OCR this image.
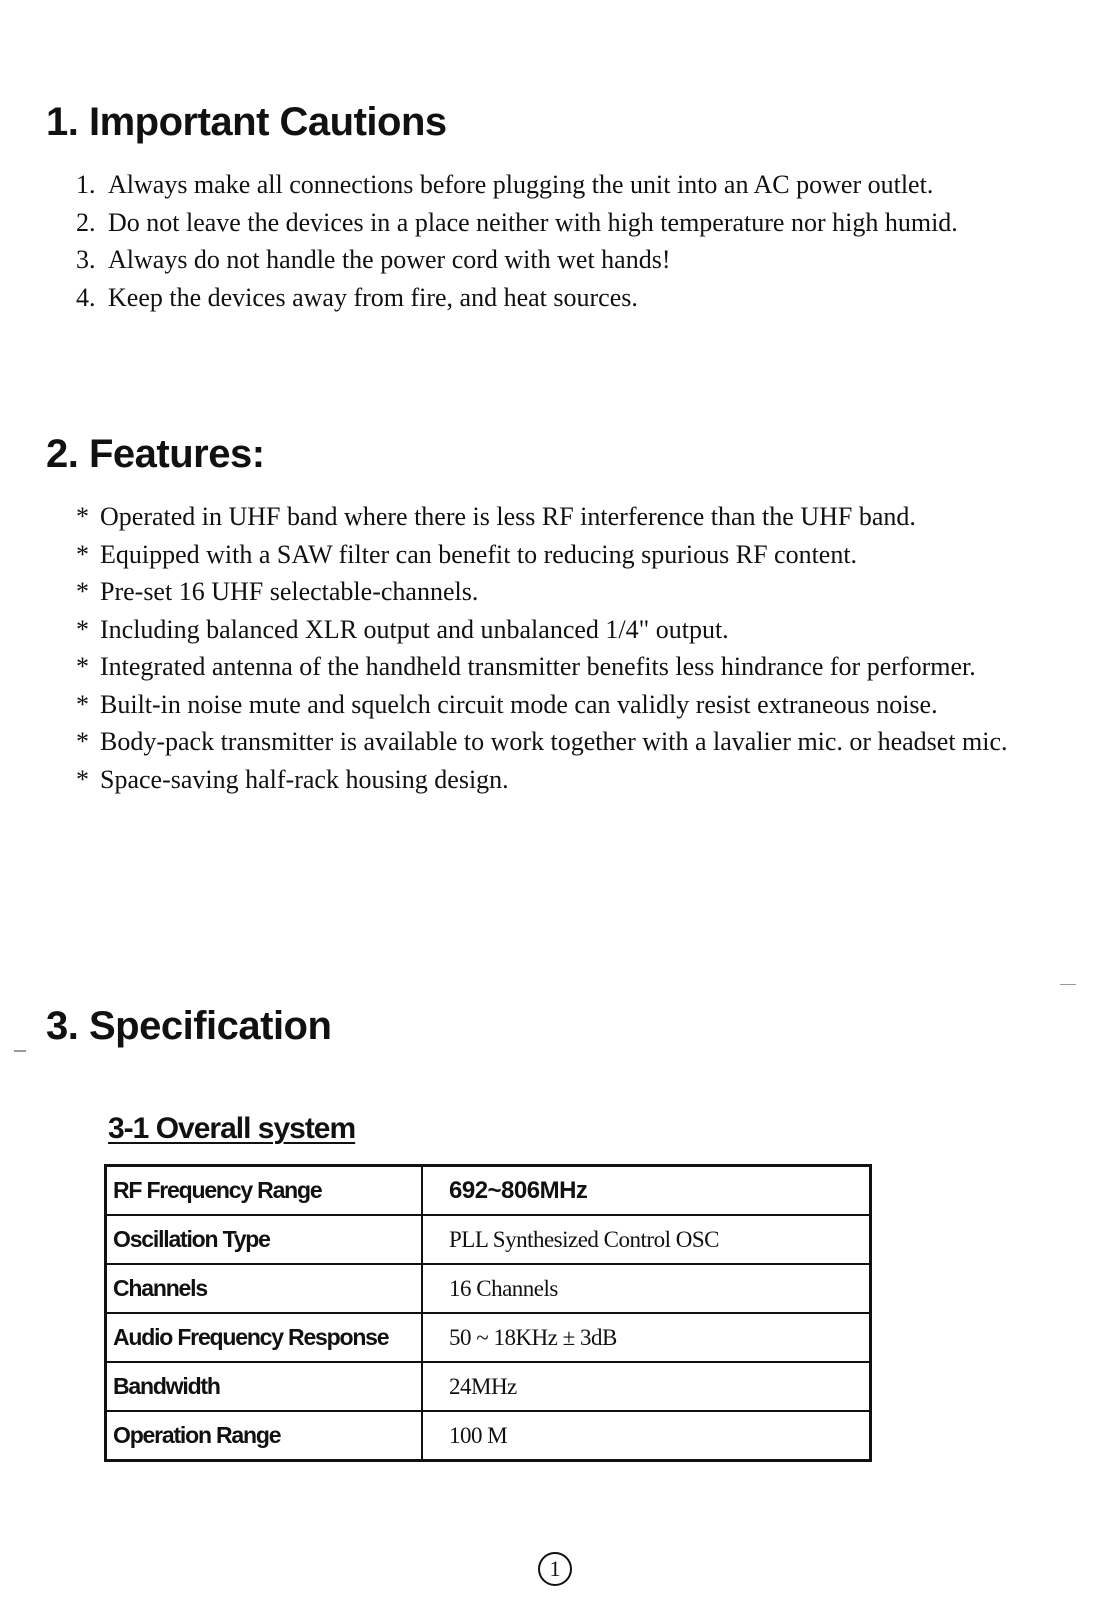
1. Important Cautions
1. Always make all connections before plugging the unit into an AC power outlet.
2. Do not leave the devices in a place neither with high temperature nor high humid.
3. Always do not handle the power cord with wet hands!
4. Keep the devices away from fire, and heat sources.
2. Features:
* Operated in UHF band where there is less RF interference than the UHF band.
* Equipped with a SAW filter can benefit to reducing spurious RF content.
* Pre-set 16 UHF selectable-channels.
* Including balanced XLR output and unbalanced 1/4" output.
* Integrated antenna of the handheld transmitter benefits less hindrance for performer.
* Built-in noise mute and squelch circuit mode can validly resist extraneous noise.
* Body-pack transmitter is available to work together with a lavalier mic. or headset mic.
* Space-saving half-rack housing design.
3. Specification
3-1 Overall system
RF Frequency Range	692~806MHz
Oscillation Type	PLL Synthesized Control OSC
Channels	16 Channels
Audio Frequency Response	50 ~ 18KHz ± 3dB
Bandwidth	24MHz
Operation Range	100 M
1
